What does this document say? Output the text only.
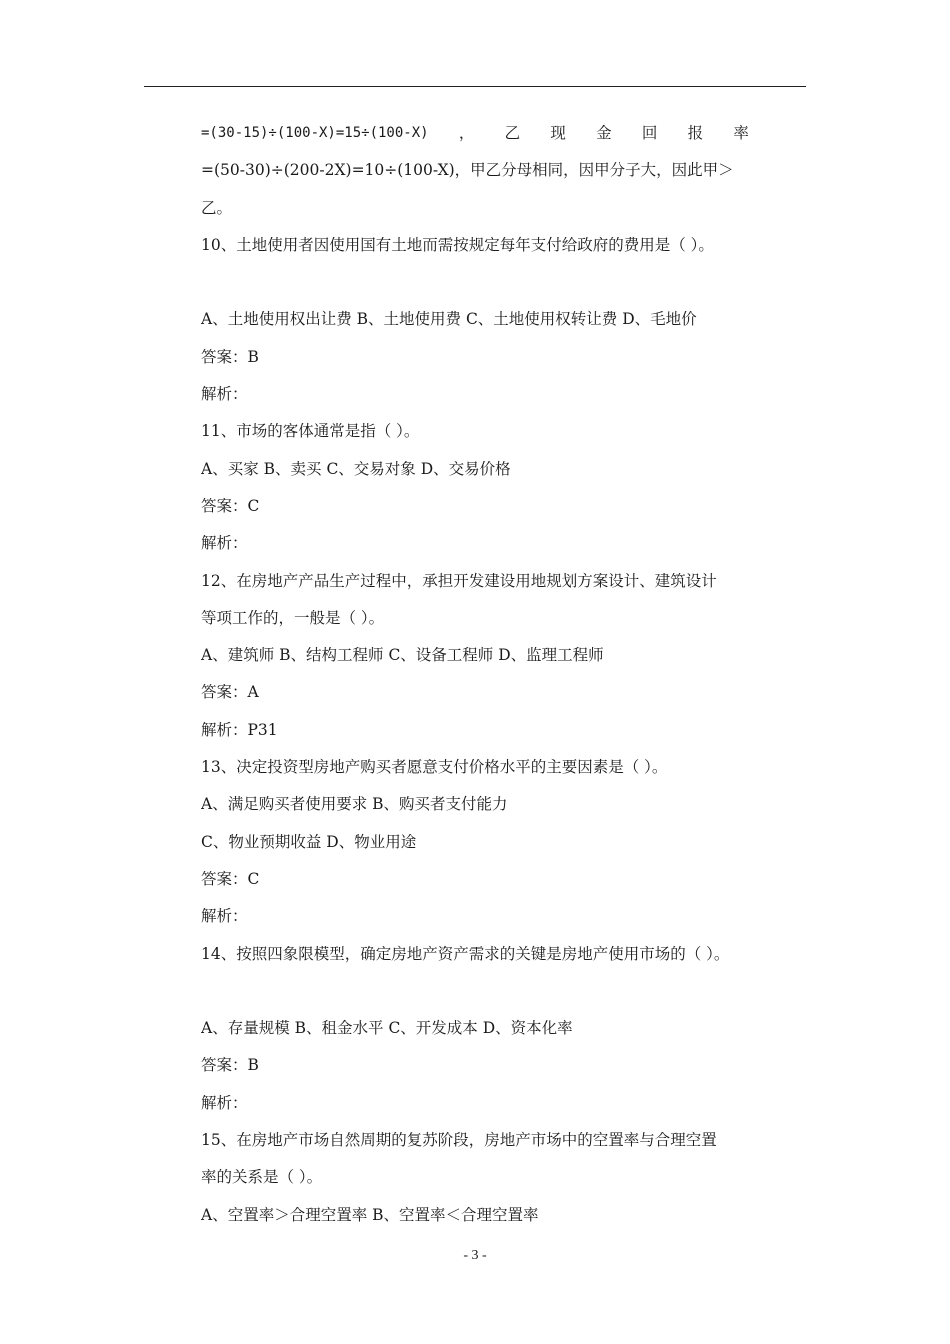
=(30-15)÷(100-X)=15÷(100-X) ， 乙 现 金 回 报 率
=(50-30)÷(200-2X)=10÷(100-X)，甲乙分母相同，因甲分子大，因此甲＞
乙。
10、土地使用者因使用国有土地而需按规定每年支付给政府的费用是（ ）。
A、土地使用权出让费 B、土地使用费 C、土地使用权转让费 D、毛地价
答案：B
解析：
11、市场的客体通常是指（ ）。
A、买家 B、卖买 C、交易对象 D、交易价格
答案：C
解析：
12、在房地产产品生产过程中，承担开发建设用地规划方案设计、建筑设计
等项工作的，一般是（ ）。
A、建筑师 B、结构工程师 C、设备工程师 D、监理工程师
答案：A
解析：P31
13、决定投资型房地产购买者愿意支付价格水平的主要因素是（ ）。
A、满足购买者使用要求 B、购买者支付能力
C、物业预期收益 D、物业用途
答案：C
解析：
14、按照四象限模型，确定房地产资产需求的关键是房地产使用市场的（ ）。
A、存量规模 B、租金水平 C、开发成本 D、资本化率
答案：B
解析：
15、在房地产市场自然周期的复苏阶段，房地产市场中的空置率与合理空置
率的关系是（ ）。
A、空置率＞合理空置率 B、空置率＜合理空置率
- 3 -
